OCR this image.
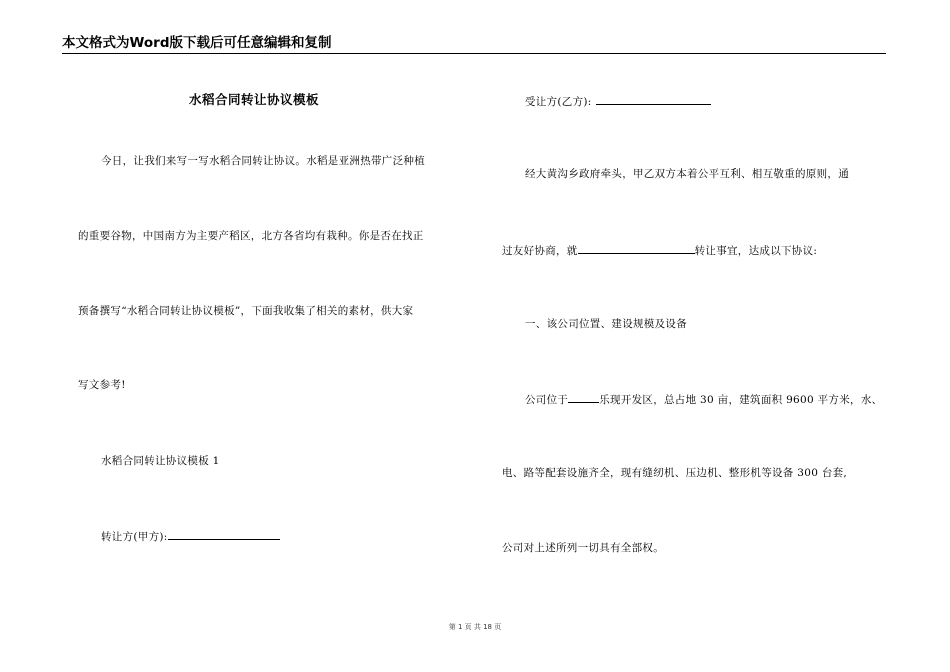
本文格式为Word版下载后可任意编辑和复制
水稻合同转让协议模板
今日，让我们来写一写水稻合同转让协议。水稻是亚洲热带广泛种植
的重要谷物，中国南方为主要产稻区，北方各省均有栽种。你是否在找正
预备撰写“水稻合同转让协议模板”，下面我收集了相关的素材，供大家
写文参考!
水稻合同转让协议模板 1
转让方(甲方):
受让方(乙方):
经大黄沟乡政府牵头，甲乙双方本着公平互利、相互敬重的原则，通
过友好协商，就	转让事宜，达成以下协议:
一、该公司位置、建设规模及设备
公司位于	乐现开发区，总占地 30 亩，建筑面积 9600 平方米，水、
电、路等配套设施齐全，现有缝纫机、压边机、整形机等设备 300 台套,
公司对上述所列一切具有全部权。
第 1 页 共 18 页
